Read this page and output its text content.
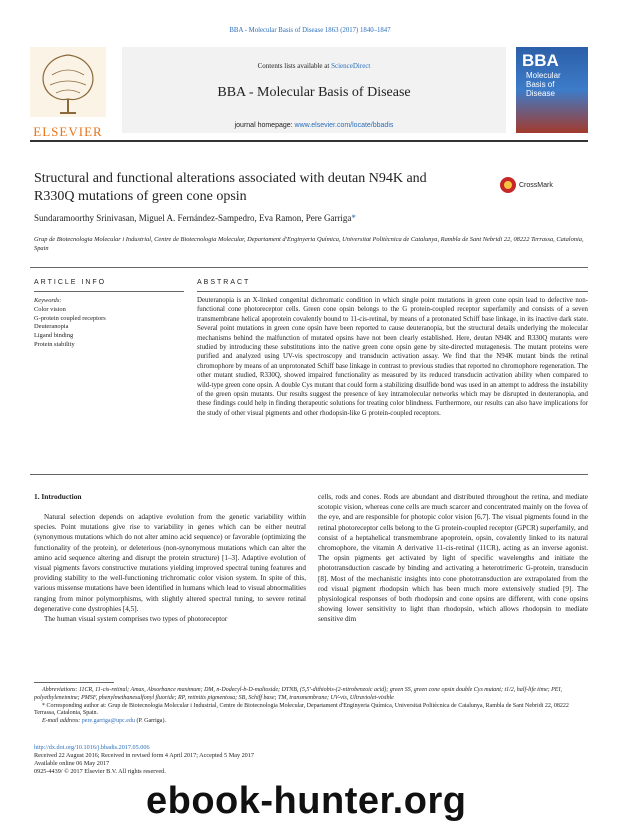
BBA - Molecular Basis of Disease 1863 (2017) 1840–1847
ELSEVIER
Contents lists available at ScienceDirect
BBA - Molecular Basis of Disease
journal homepage: www.elsevier.com/locate/bbadis
BBA
Molecular
Basis of
Disease
Structural and functional alterations associated with deutan N94K and
R330Q mutations of green cone opsin
CrossMark
Sundaramoorthy Srinivasan, Miguel A. Fernández-Sampedro, Eva Ramon, Pere Garriga*
Grup de Biotecnologia Molecular i Industrial, Centre de Biotecnologia Molecular, Departament d'Enginyeria Química, Universitat Politècnica de Catalunya, Rambla de Sant Nebridi 22, 08222 Terrassa, Catalonia, Spain
ARTICLE INFO
Keywords:
Color vision
G-protein coupled receptors
Deuteranopia
Ligand binding
Protein stability
ABSTRACT
Deuteranopia is an X-linked congenital dichromatic condition in which single point mutations in green cone opsin lead to defective non-functional cone photoreceptor cells. Green cone opsin belongs to the G protein-coupled receptor superfamily and consists of a seven transmembrane helical apoprotein covalently bound to 11-cis-retinal, by means of a protonated Schiff base linkage, in its inactive dark state. Several point mutations in green cone opsin have been reported to cause deuteranopia, but the structural details underlying the molecular mechanisms behind the malfunction of mutated opsins have not been clearly established. Here, deutan N94K and R330Q mutants were studied by introducing these substitutions into the native green cone opsin gene by site-directed mutagenesis. The mutant proteins were purified and analyzed using UV-vis spectroscopy and transducin activation assay. We find that the N94K mutant binds the retinal chromophore by means of an unprotonated Schiff base linkage in contrast to previous studies that reported no chromophore regeneration. The other mutant studied, R330Q, showed impaired functionality as measured by its reduced transducin activation ability when compared to wild-type green cone opsin. A double Cys mutant that could form a stabilizing disulfide bond was used in an attempt to address the instability of the green opsin mutants. Our results suggest the presence of key intramolecular networks which may be disrupted in deuteranopia, and these findings could help in finding therapeutic solutions for treating color blindness. Furthermore, our results can also have implications for the study of other visual pigments and other rhodopsin-like G protein-coupled receptors.
1. Introduction

Natural selection depends on adaptive evolution from the genetic variability within species. Point mutations give rise to variability in genes which can be either neutral (synonymous mutations which do not alter amino acid sequence) or favorable (optimizing the functionality of the protein), or deleterious (non-synonymous mutations which can alter the amino acid sequence altering and disrupt the protein structure) [1–3]. Adaptive evolution of visual pigments favors constructive mutations yielding improved spectral tuning features and providing stability to the well-functioning trichromatic color vision system. In spite of this, various missense mutations have been identified in humans which lead to visual abnormalities ranging from minor polymorphisms, with slightly altered spectral tuning, to severe retinal degenerative cone dystrophies [4,5].

The human visual system comprises two types of photoreceptor

cells, rods and cones. Rods are abundant and distributed throughout the retina, and mediate scotopic vision, whereas cone cells are much scarcer and concentrated mainly on the fovea of the eye, and are responsible for photopic color vision [6,7]. The visual pigments found in the retinal photoreceptor cells belong to the G protein-coupled receptor (GPCR) superfamily, and consist of a heptahelical transmembrane apoprotein, opsin, covalently linked to its natural chromophore, the vitamin A derivative 11-cis-retinal (11CR), acting as an inverse agonist. The opsin pigments get activated by light of specific wavelengths and initiate the phototransduction cascade by binding and activating a heterotrimeric G-protein, transducin [8]. Most of the mechanistic insights into cone phototransduction are extrapolated from the rod visual pigment rhodopsin which has been much more extensively studied [9]. The physiological responses of both rhodopsin and cone opsins are different, with cone opsins showing lower sensitivity to light than rhodopsin, which allows rhodopsin to mediate sensitive dim

Abbreviations: 11CR, 11-cis-retinal; Amax, Absorbance maximum; DM, n-Dodecyl-b-D-maltoside; DTNB, (5,5'-dithiobis-(2-nitrobenzoic acid); green SS, green cone opsin double Cys mutant; t1/2, half-life time; PEI, polyethyleneimine; PMSF, phenylmethanesulfonyl fluoride; RP, retinitis pigmentosa; SB, Schiff base; TM, transmembrane; UV-vis, Ultraviolet-visible
* Corresponding author at: Grup de Biotecnologia Molecular i Industrial, Centre de Biotecnologia Molecular, Departament d'Enginyeria Química, Universitat Politècnica de Catalunya, Rambla de Sant Nebridi 22, 08222 Terrassa, Catalonia, Spain.
E-mail address: pere.garriga@upc.edu (P. Garriga).
http://dx.doi.org/10.1016/j.bbadis.2017.05.006
Received 22 August 2016; Received in revised form 4 April 2017; Accepted 5 May 2017
Available online 06 May 2017
0925-4439/ © 2017 Elsevier B.V. All rights reserved.
ebook-hunter.org
